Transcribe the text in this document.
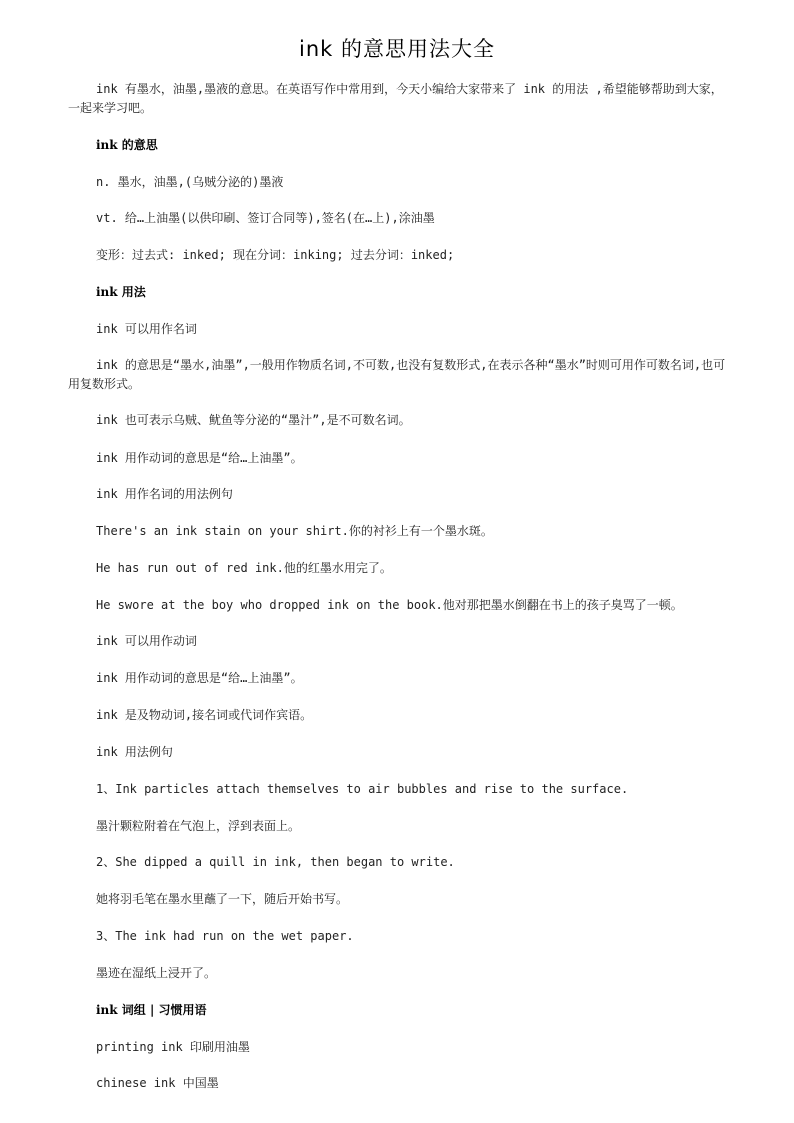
ink 的意思用法大全

ink 有墨水，油墨,墨液的意思。在英语写作中常用到，今天小编给大家带来了 ink 的用法 ,希望能够帮助到大家，一起来学习吧。

ink 的意思

n. 墨水，油墨,(乌贼分泌的)墨液

vt. 给…上油墨(以供印刷、签订合同等),签名(在…上),涂油墨

变形：过去式: inked; 现在分词：inking; 过去分词：inked;

ink 用法

ink 可以用作名词

ink 的意思是“墨水,油墨”,一般用作物质名词,不可数,也没有复数形式,在表示各种“墨水”时则可用作可数名词,也可用复数形式。

ink 也可表示乌贼、鱿鱼等分泌的“墨汁”,是不可数名词。

ink 用作动词的意思是“给…上油墨”。

ink 用作名词的用法例句

There's an ink stain on your shirt.你的衬衫上有一个墨水斑。

He has run out of red ink.他的红墨水用完了。

He swore at the boy who dropped ink on the book.他对那把墨水倒翻在书上的孩子臭骂了一顿。

ink 可以用作动词

ink 用作动词的意思是“给…上油墨”。

ink 是及物动词,接名词或代词作宾语。

ink 用法例句

1、Ink particles attach themselves to air bubbles and rise to the surface.

墨汁颗粒附着在气泡上，浮到表面上。

2、She dipped a quill in ink, then began to write.

她将羽毛笔在墨水里蘸了一下，随后开始书写。

3、The ink had run on the wet paper.

墨迹在湿纸上浸开了。

ink 词组 | 习惯用语

printing ink 印刷用油墨

chinese ink 中国墨
